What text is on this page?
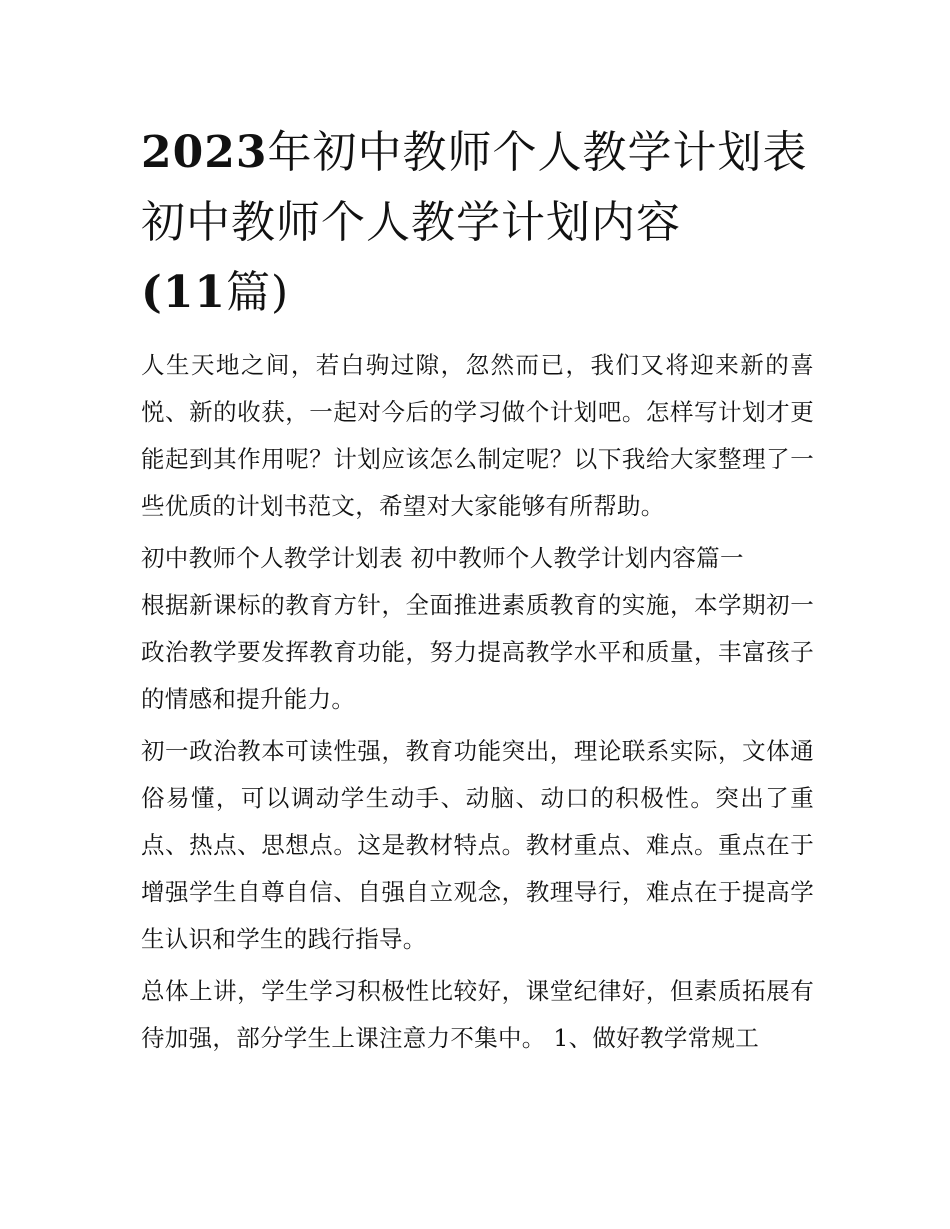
2023年初中教师个人教学计划表 初中教师个人教学计划内容
(11篇)

人生天地之间，若白驹过隙，忽然而已，我们又将迎来新的喜悦、新的收获，一起对今后的学习做个计划吧。怎样写计划才更能起到其作用呢？计划应该怎么制定呢？以下我给大家整理了一些优质的计划书范文，希望对大家能够有所帮助。

初中教师个人教学计划表 初中教师个人教学计划内容篇一

根据新课标的教育方针，全面推进素质教育的实施，本学期初一政治教学要发挥教育功能，努力提高教学水平和质量，丰富孩子的情感和提升能力。

初一政治教本可读性强，教育功能突出，理论联系实际，文体通俗易懂，可以调动学生动手、动脑、动口的积极性。突出了重点、热点、思想点。这是教材特点。教材重点、难点。重点在于增强学生自尊自信、自强自立观念，教理导行，难点在于提高学生认识和学生的践行指导。

总体上讲，学生学习积极性比较好，课堂纪律好，但素质拓展有待加强，部分学生上课注意力不集中。 1、做好教学常规工
